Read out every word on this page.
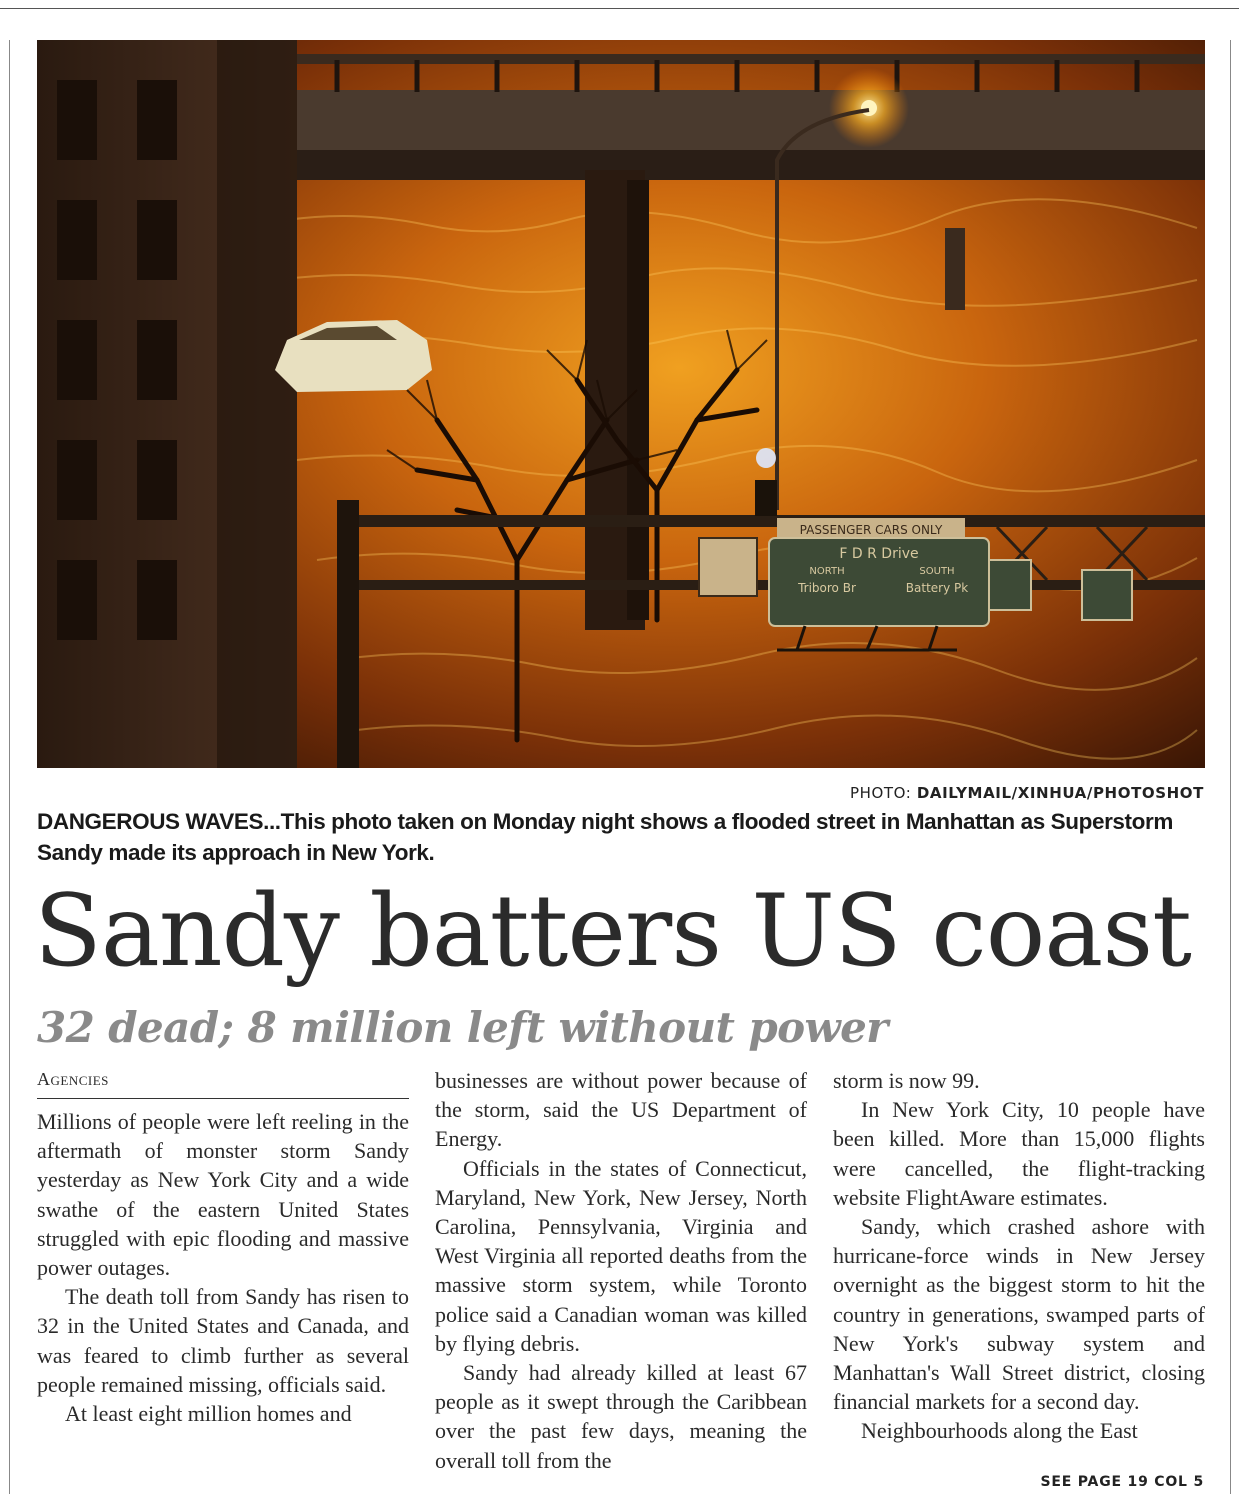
PASSENGER CARS ONLY
F D R Drive
NORTH	SOUTH
Triboro Br	Battery Pk
PHOTO: DAILYMAIL/XINHUA/PHOTOSHOT
DANGEROUS WAVES...This photo taken on Monday night shows a flooded street in Manhattan as Superstorm Sandy made its approach in New York.
Sandy batters US coast
32 dead; 8 million left without power
Agencies

Millions of people were left reeling in the aftermath of monster storm Sandy yesterday as New York City and a wide swathe of the eastern United States struggled with epic flooding and massive power outages.

The death toll from Sandy has risen to 32 in the United States and Canada, and was feared to climb further as several people remained missing, officials said.

At least eight million homes and

businesses are without power because of the storm, said the US Department of Energy.

Officials in the states of Connecticut, Maryland, New York, New Jersey, North Carolina, Pennsylvania, Virginia and West Virginia all reported deaths from the massive storm system, while Toronto police said a Canadian woman was killed by flying debris.

Sandy had already killed at least 67 people as it swept through the Caribbean over the past few days, meaning the overall toll from the

storm is now 99.

In New York City, 10 people have been killed. More than 15,000 flights were cancelled, the flight-tracking website FlightAware estimates.

Sandy, which crashed ashore with hurricane-force winds in New Jersey overnight as the biggest storm to hit the country in generations, swamped parts of New York's subway system and Manhattan's Wall Street district, closing financial markets for a second day.

Neighbourhoods along the East

SEE PAGE 19 COL 5
